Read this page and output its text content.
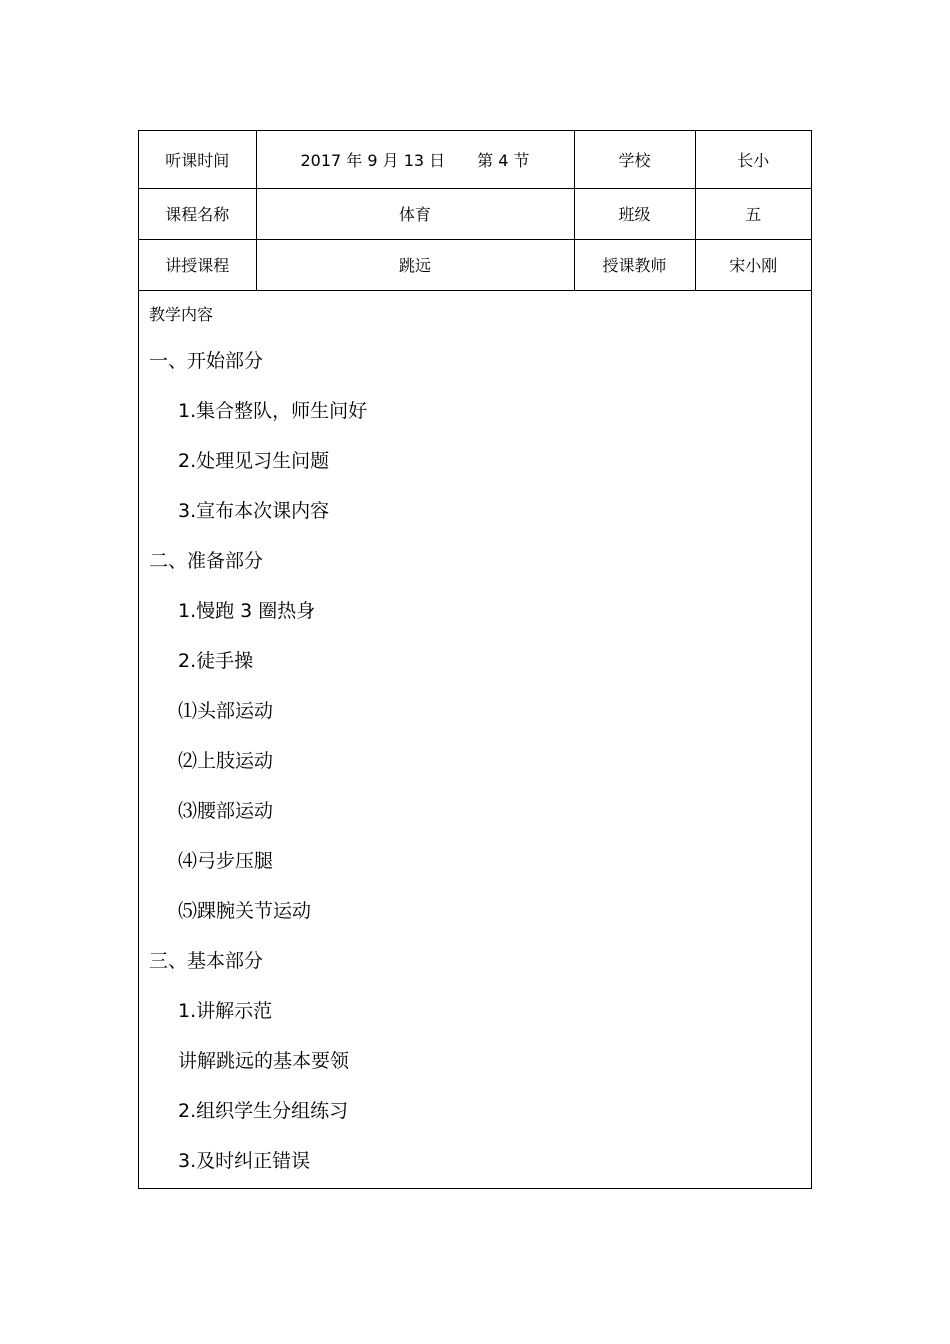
听课时间	2017 年 9 月 13 日 第 4 节	学校	长小
课程名称	体育	班级	五
讲授课程	跳远	授课教师	宋小刚
教学内容
一、开始部分
1.集合整队，师生问好
2.处理见习生问题
3.宣布本次课内容
二、准备部分
1.慢跑 3 圈热身
2.徒手操
⑴头部运动
⑵上肢运动
⑶腰部运动
⑷弓步压腿
⑸踝腕关节运动
三、基本部分
1.讲解示范
讲解跳远的基本要领
2.组织学生分组练习
3.及时纠正错误
